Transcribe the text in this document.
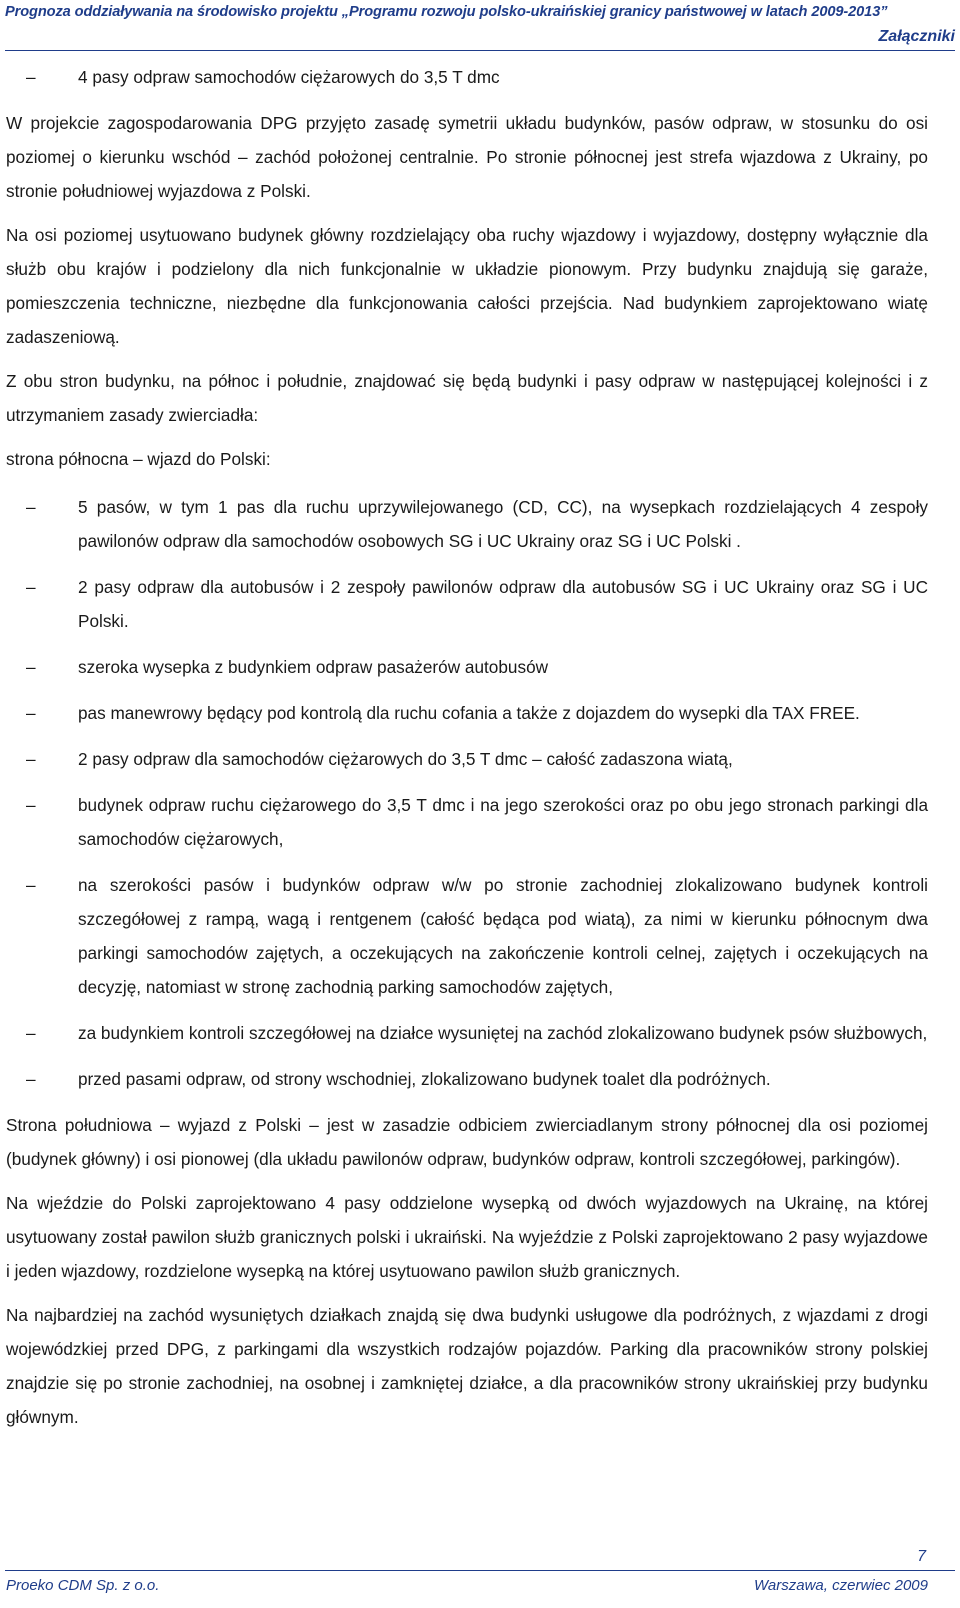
Prognoza oddziaływania na środowisko projektu „Programu rozwoju polsko-ukraińskiej granicy państwowej w latach 2009-2013”
Załączniki
– 4 pasy odpraw samochodów ciężarowych do 3,5 T dmc

W projekcie zagospodarowania DPG przyjęto zasadę symetrii układu budynków, pasów odpraw, w stosunku do osi poziomej o kierunku wschód – zachód położonej centralnie. Po stronie północnej jest strefa wjazdowa z Ukrainy, po stronie południowej wyjazdowa z Polski.

Na osi poziomej usytuowano budynek główny rozdzielający oba ruchy wjazdowy i wyjazdowy, dostępny wyłącznie dla służb obu krajów i podzielony dla nich funkcjonalnie w układzie pionowym. Przy budynku znajdują się garaże, pomieszczenia techniczne, niezbędne dla funkcjonowania całości przejścia. Nad budynkiem zaprojektowano wiatę zadaszeniową.

Z obu stron budynku, na północ i południe, znajdować się będą budynki i pasy odpraw w następującej kolejności i z utrzymaniem zasady zwierciadła:

strona północna – wjazd do Polski:

– 5 pasów, w tym 1 pas dla ruchu uprzywilejowanego (CD, CC), na wysepkach rozdzielających 4 zespoły pawilonów odpraw dla samochodów osobowych SG i UC Ukrainy oraz SG i UC Polski .
– 2 pasy odpraw dla autobusów i 2 zespoły pawilonów odpraw dla autobusów SG i UC Ukrainy oraz SG i UC Polski.
– szeroka wysepka z budynkiem odpraw pasażerów autobusów
– pas manewrowy będący pod kontrolą dla ruchu cofania a także z dojazdem do wysepki dla TAX FREE.
– 2 pasy odpraw dla samochodów ciężarowych do 3,5 T dmc – całość zadaszona wiatą,
– budynek odpraw ruchu ciężarowego do 3,5 T dmc i na jego szerokości oraz po obu jego stronach parkingi dla samochodów ciężarowych,
– na szerokości pasów i budynków odpraw w/w po stronie zachodniej zlokalizowano budynek kontroli szczegółowej z rampą, wagą i rentgenem (całość będąca pod wiatą), za nimi w kierunku północnym dwa parkingi samochodów zajętych, a oczekujących na zakończenie kontroli celnej, zajętych i oczekujących na decyzję, natomiast w stronę zachodnią parking samochodów zajętych,
– za budynkiem kontroli szczegółowej na działce wysuniętej na zachód zlokalizowano budynek psów służbowych,
– przed pasami odpraw, od strony wschodniej, zlokalizowano budynek toalet dla podróżnych.

Strona południowa – wyjazd z Polski – jest w zasadzie odbiciem zwierciadlanym strony północnej dla osi poziomej (budynek główny) i osi pionowej (dla układu pawilonów odpraw, budynków odpraw, kontroli szczegółowej, parkingów).

Na wjeździe do Polski zaprojektowano 4 pasy oddzielone wysepką od dwóch wyjazdowych na Ukrainę, na której usytuowany został pawilon służb granicznych polski i ukraiński. Na wyjeździe z Polski zaprojektowano 2 pasy wyjazdowe i jeden wjazdowy, rozdzielone wysepką na której usytuowano pawilon służb granicznych.

Na najbardziej na zachód wysuniętych działkach znajdą się dwa budynki usługowe dla podróżnych, z wjazdami z drogi wojewódzkiej przed DPG, z parkingami dla wszystkich rodzajów pojazdów. Parking dla pracowników strony polskiej znajdzie się po stronie zachodniej, na osobnej i zamkniętej działce, a dla pracowników strony ukraińskiej przy budynku głównym.

7
Proeko CDM Sp. z o.o.	Warszawa, czerwiec 2009
